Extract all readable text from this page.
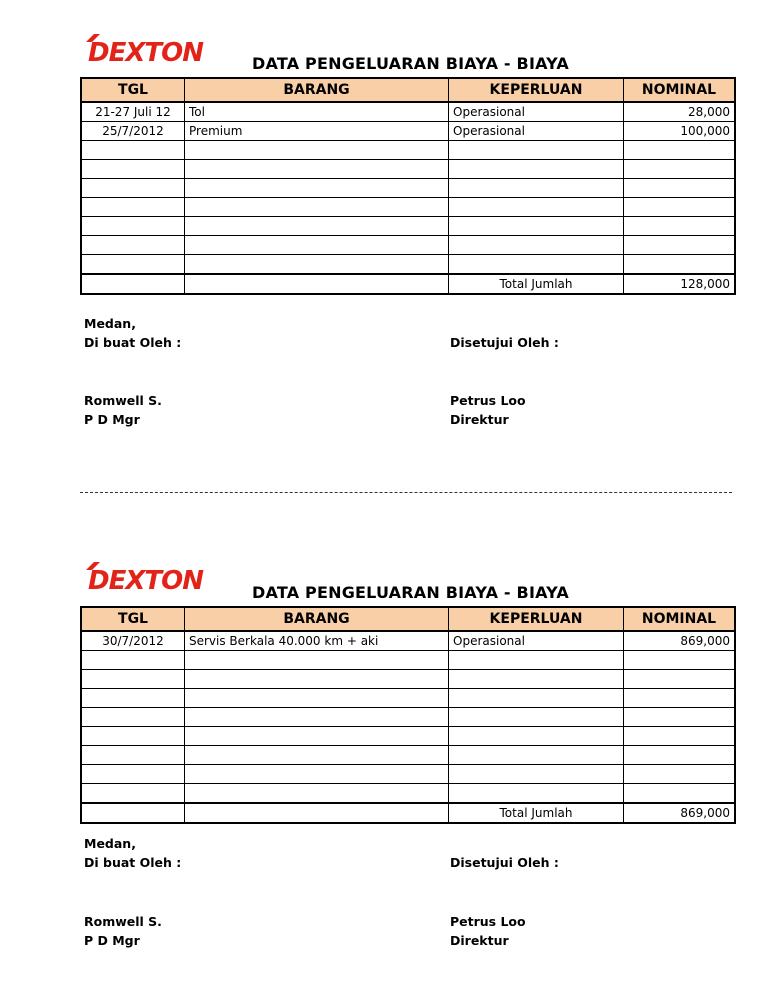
DEXTON	DATA PENGELUARAN BIAYA - BIAYA
TGL	BARANG	KEPERLUAN	NOMINAL
21-27 Juli 12	Tol	Operasional	28,000
25/7/2012	Premium	Operasional	100,000

		Total Jumlah	128,000
Medan,
Di buat Oleh :	Disetujui Oleh :
Romwell S.
P D Mgr
Petrus Loo
Direktur
DEXTON	DATA PENGELUARAN BIAYA - BIAYA
TGL	BARANG	KEPERLUAN	NOMINAL
30/7/2012	Servis Berkala 40.000 km + aki	Operasional	869,000

		Total Jumlah	869,000
Medan,
Di buat Oleh :	Disetujui Oleh :
Romwell S.
P D Mgr
Petrus Loo
Direktur
